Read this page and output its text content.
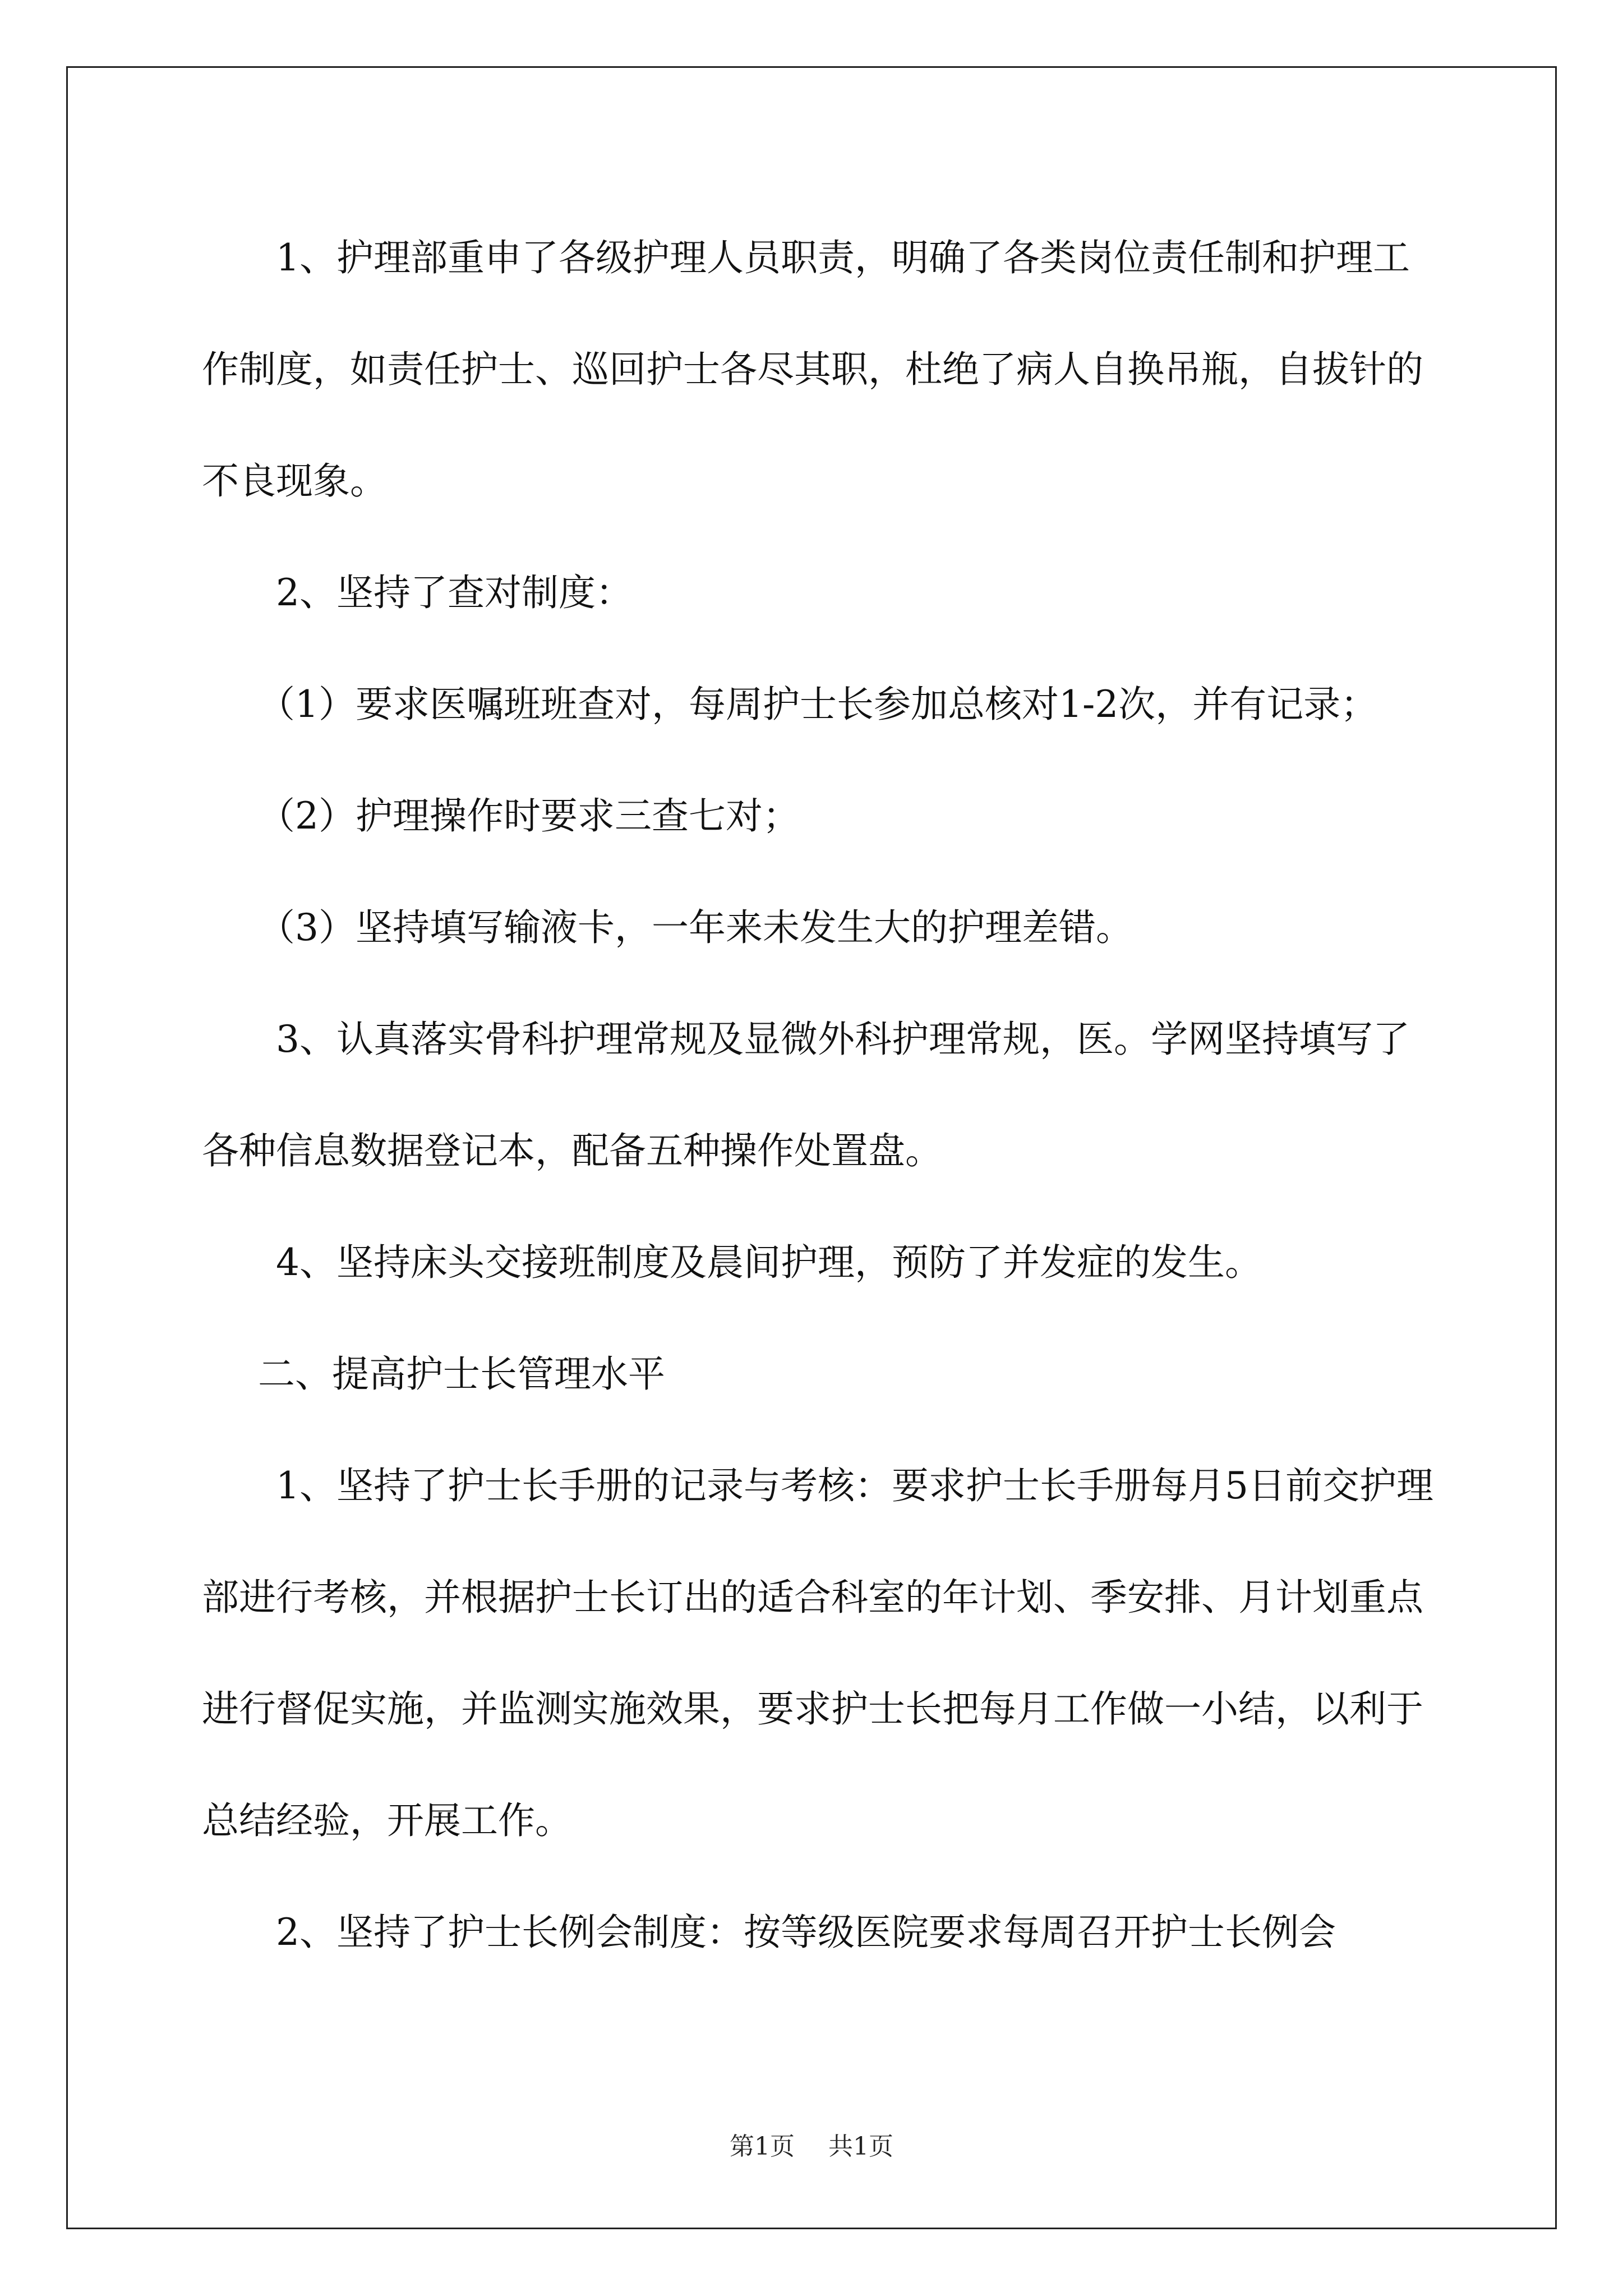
1、护理部重申了各级护理人员职责，明确了各类岗位责任制和护理工作制度，如责任护士、巡回护士各尽其职，杜绝了病人自换吊瓶，自拔针的不良现象。

2、坚持了查对制度：

（1）要求医嘱班班查对，每周护士长参加总核对1-2次，并有记录；

（2）护理操作时要求三查七对；

（3）坚持填写输液卡，一年来未发生大的护理差错。

3、认真落实骨科护理常规及显微外科护理常规，医。学网坚持填写了各种信息数据登记本，配备五种操作处置盘。

4、坚持床头交接班制度及晨间护理，预防了并发症的发生。

二、提高护士长管理水平

1、坚持了护士长手册的记录与考核：要求护士长手册每月5日前交护理部进行考核，并根据护士长订出的适合科室的年计划、季安排、月计划重点进行督促实施，并监测实施效果，要求护士长把每月工作做一小结，以利于总结经验，开展工作。

2、坚持了护士长例会制度：按等级医院要求每周召开护士长例会

第1页 共1页
